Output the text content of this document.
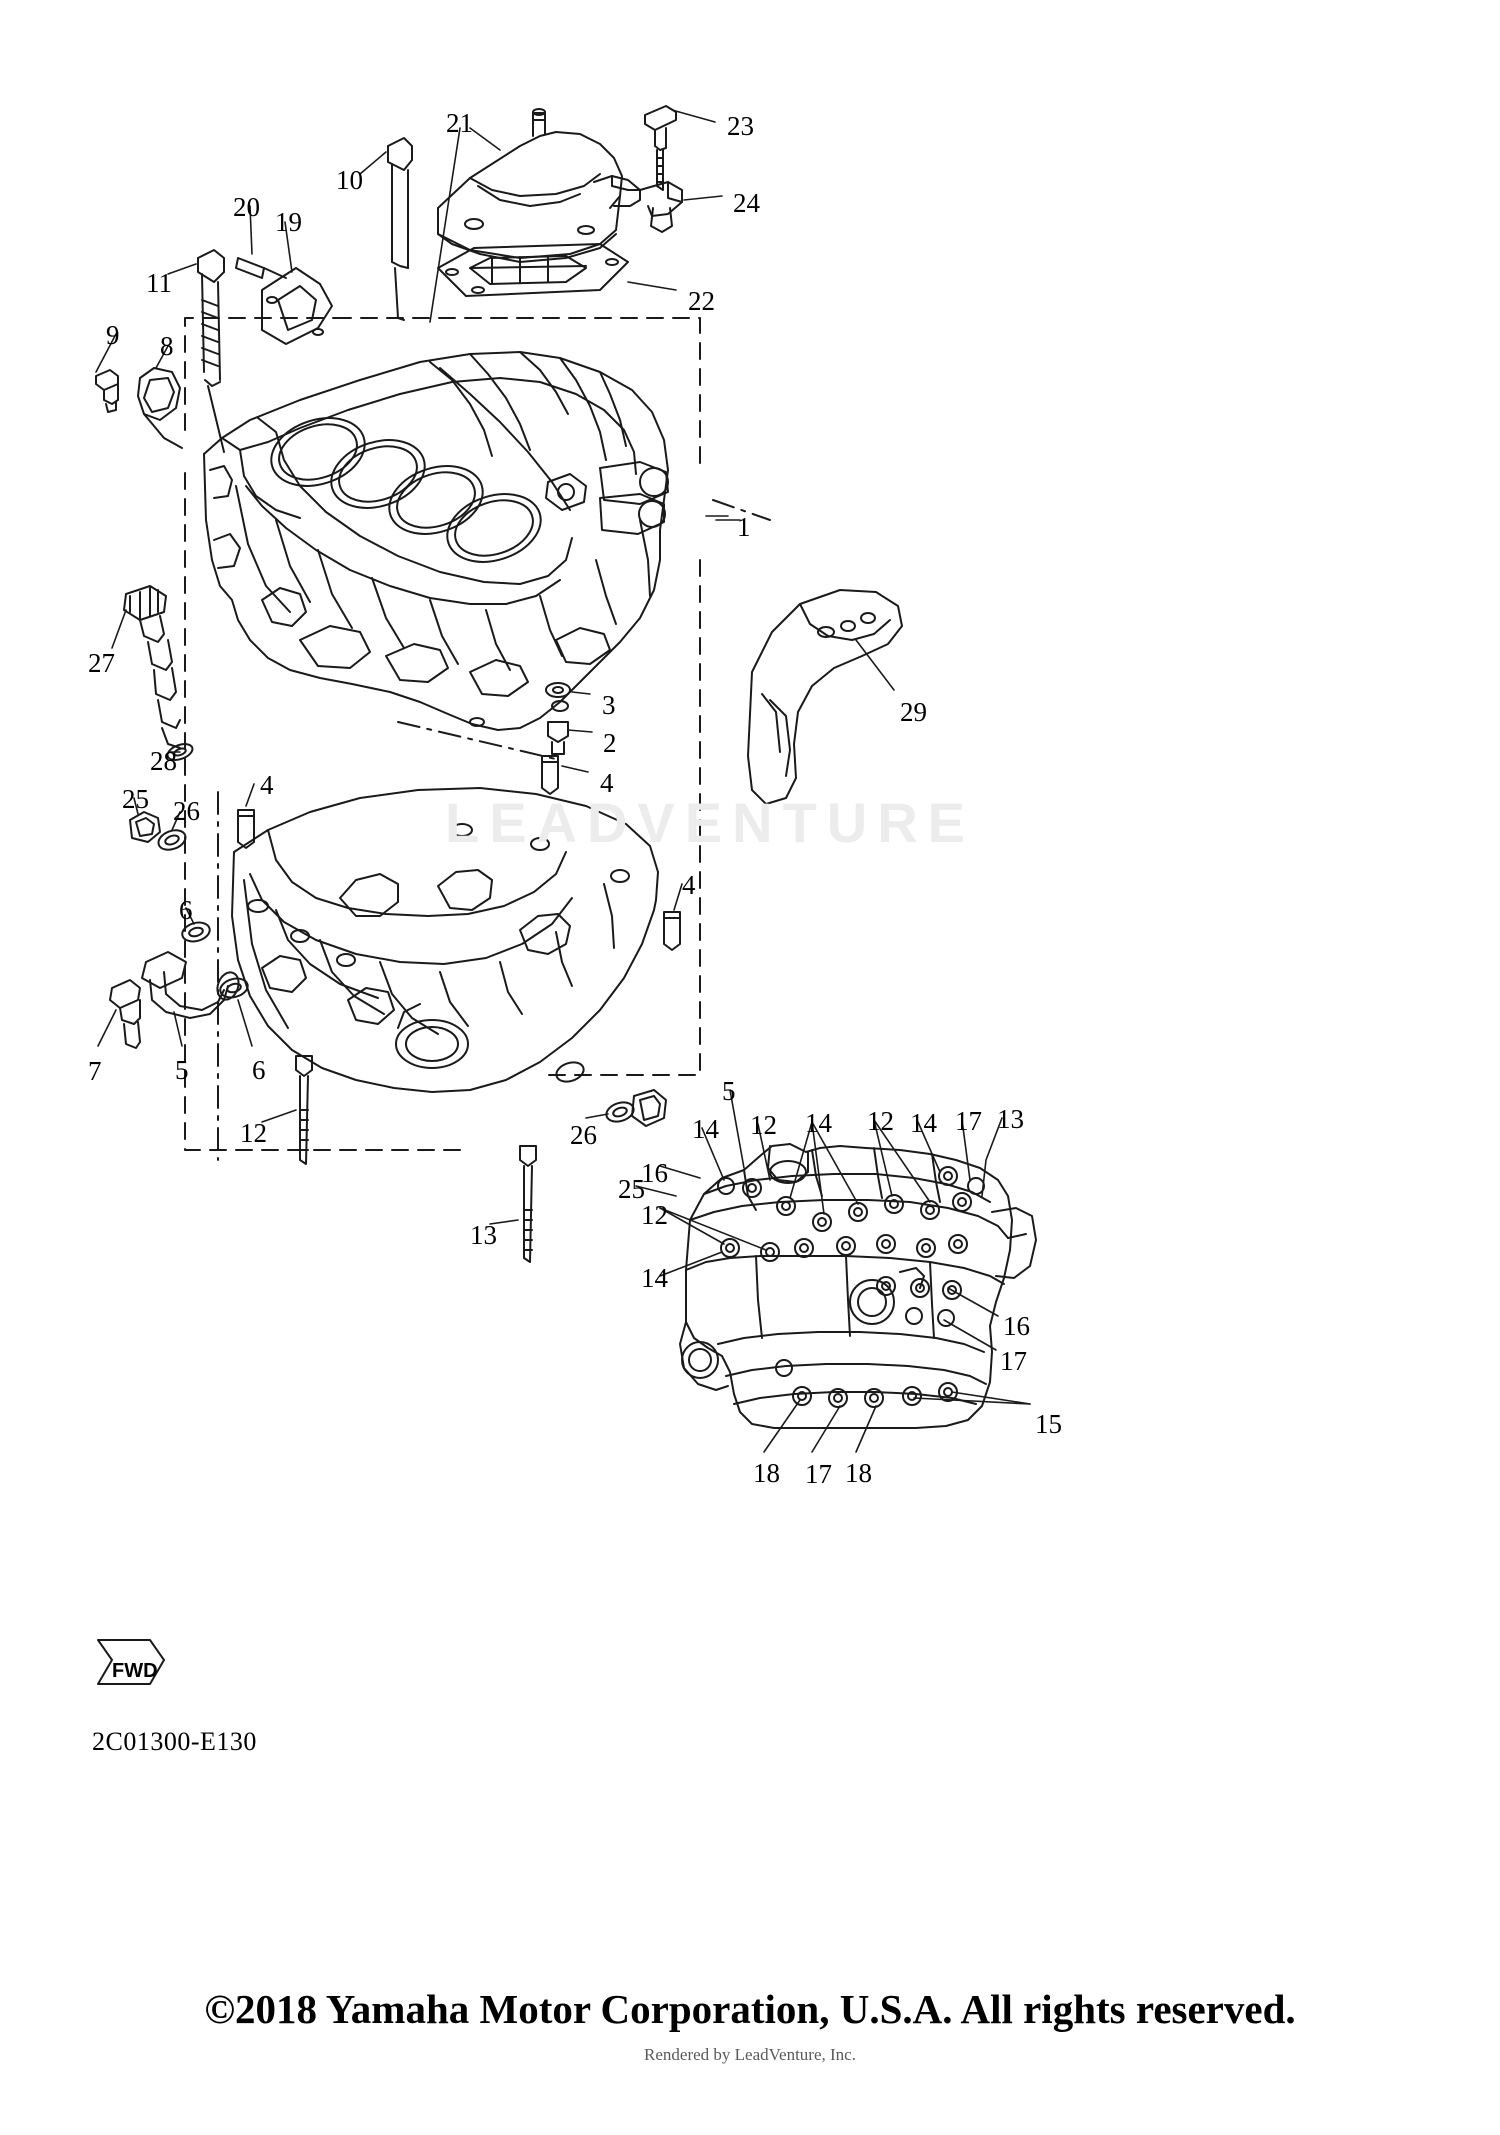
LEADVENTURE
FWD
2C01300-E130
©2018 Yamaha Motor Corporation, U.S.A. All rights reserved.
Rendered by LeadVenture, Inc.
21	23
10
24
20 19
11
22
9 8
1
29
3
27
2
28
4
4
25 26
4
6
7	5 6
12	26
5
14 12 14 12 14 17 13
25
16
12
13
14
16
17
15
18 17 18
